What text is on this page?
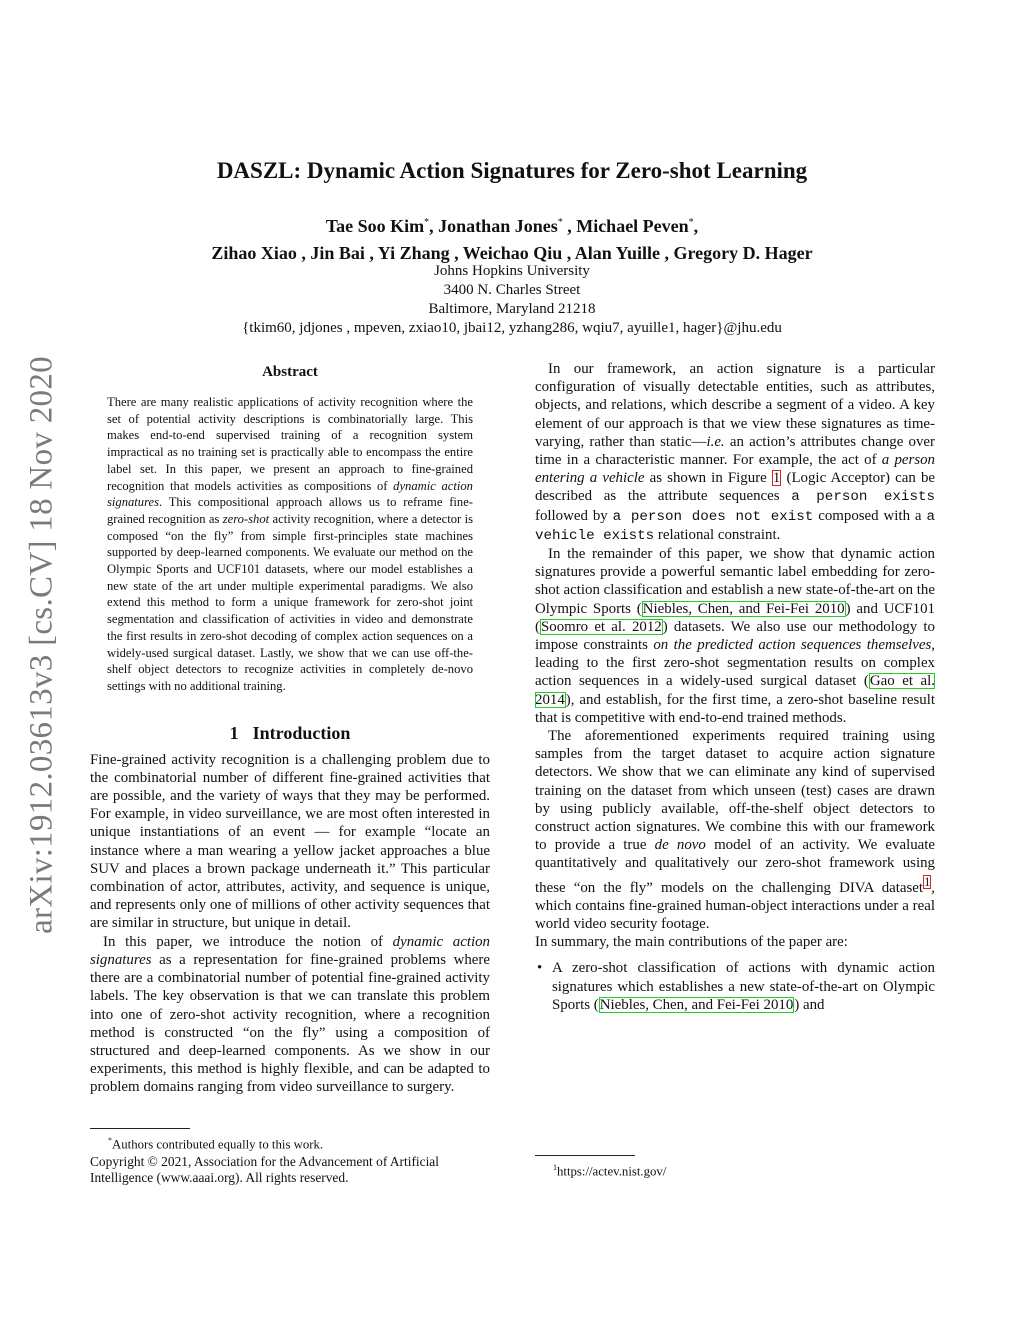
arXiv:1912.03613v3 [cs.CV] 18 Nov 2020
DASZL: Dynamic Action Signatures for Zero-shot Learning
Tae Soo Kim*, Jonathan Jones* , Michael Peven*,
Zihao Xiao , Jin Bai , Yi Zhang , Weichao Qiu , Alan Yuille , Gregory D. Hager
Johns Hopkins University
3400 N. Charles Street
Baltimore, Maryland 21218
{tkim60, jdjones , mpeven, zxiao10, jbai12, yzhang286, wqiu7, ayuille1, hager}@jhu.edu
Abstract

There are many realistic applications of activity recognition where the set of potential activity descriptions is combinatorially large. This makes end-to-end supervised training of a recognition system impractical as no training set is practically able to encompass the entire label set. In this paper, we present an approach to fine-grained recognition that models activities as compositions of dynamic action signatures. This compositional approach allows us to reframe fine-grained recognition as zero-shot activity recognition, where a detector is composed “on the fly” from simple first-principles state machines supported by deep-learned components. We evaluate our method on the Olympic Sports and UCF101 datasets, where our model establishes a new state of the art under multiple experimental paradigms. We also extend this method to form a unique framework for zero-shot joint segmentation and classification of activities in video and demonstrate the first results in zero-shot decoding of complex action sequences on a widely-used surgical dataset. Lastly, we show that we can use off-the-shelf object detectors to recognize activities in completely de-novo settings with no additional training.

1 Introduction

Fine-grained activity recognition is a challenging problem due to the combinatorial number of different fine-grained activities that are possible, and the variety of ways that they may be performed. For example, in video surveillance, we are most often interested in unique instantiations of an event — for example “locate an instance where a man wearing a yellow jacket approaches a blue SUV and places a brown package underneath it.” This particular combination of actor, attributes, activity, and sequence is unique, and represents only one of millions of other activity sequences that are similar in structure, but unique in detail.

In this paper, we introduce the notion of dynamic action signatures as a representation for fine-grained problems where there are a combinatorial number of potential fine-grained activity labels. The key observation is that we can translate this problem into one of zero-shot activity recognition, where a recognition method is constructed “on the fly” using a composition of structured and deep-learned components. As we show in our experiments, this method is highly flexible, and can be adapted to problem domains ranging from video surveillance to surgery.

In our framework, an action signature is a particular configuration of visually detectable entities, such as attributes, objects, and relations, which describe a segment of a video. A key element of our approach is that we view these signatures as time-varying, rather than static—i.e. an action’s attributes change over time in a characteristic manner. For example, the act of a person entering a vehicle as shown in Figure 1 (Logic Acceptor) can be described as the attribute sequences a person exists followed by a person does not exist composed with a a vehicle exists relational constraint.

In the remainder of this paper, we show that dynamic action signatures provide a powerful semantic label embedding for zero-shot action classification and establish a new state-of-the-art on the Olympic Sports (Niebles, Chen, and Fei-Fei 2010) and UCF101 (Soomro et al. 2012) datasets. We also use our methodology to impose constraints on the predicted action sequences themselves, leading to the first zero-shot segmentation results on complex action sequences in a widely-used surgical dataset (Gao et al. 2014), and establish, for the first time, a zero-shot baseline result that is competitive with end-to-end trained methods.

The aforementioned experiments required training using samples from the target dataset to acquire action signature detectors. We show that we can eliminate any kind of supervised training on the dataset from which unseen (test) cases are drawn by using publicly available, off-the-shelf object detectors to construct action signatures. We combine this with our framework to provide a true de novo model of an activity. We evaluate quantitatively and qualitatively our zero-shot framework using these “on the fly” models on the challenging DIVA dataset$^1$, which contains fine-grained human-object interactions under a real world video security footage.

In summary, the main contributions of the paper are:

• A zero-shot classification of actions with dynamic action signatures which establishes a new state-of-the-art on Olympic Sports (Niebles, Chen, and Fei-Fei 2010) and
*Authors contributed equally to this work.
Copyright © 2021, Association for the Advancement of Artificial Intelligence (www.aaai.org). All rights reserved.
$^1$https://actev.nist.gov/
